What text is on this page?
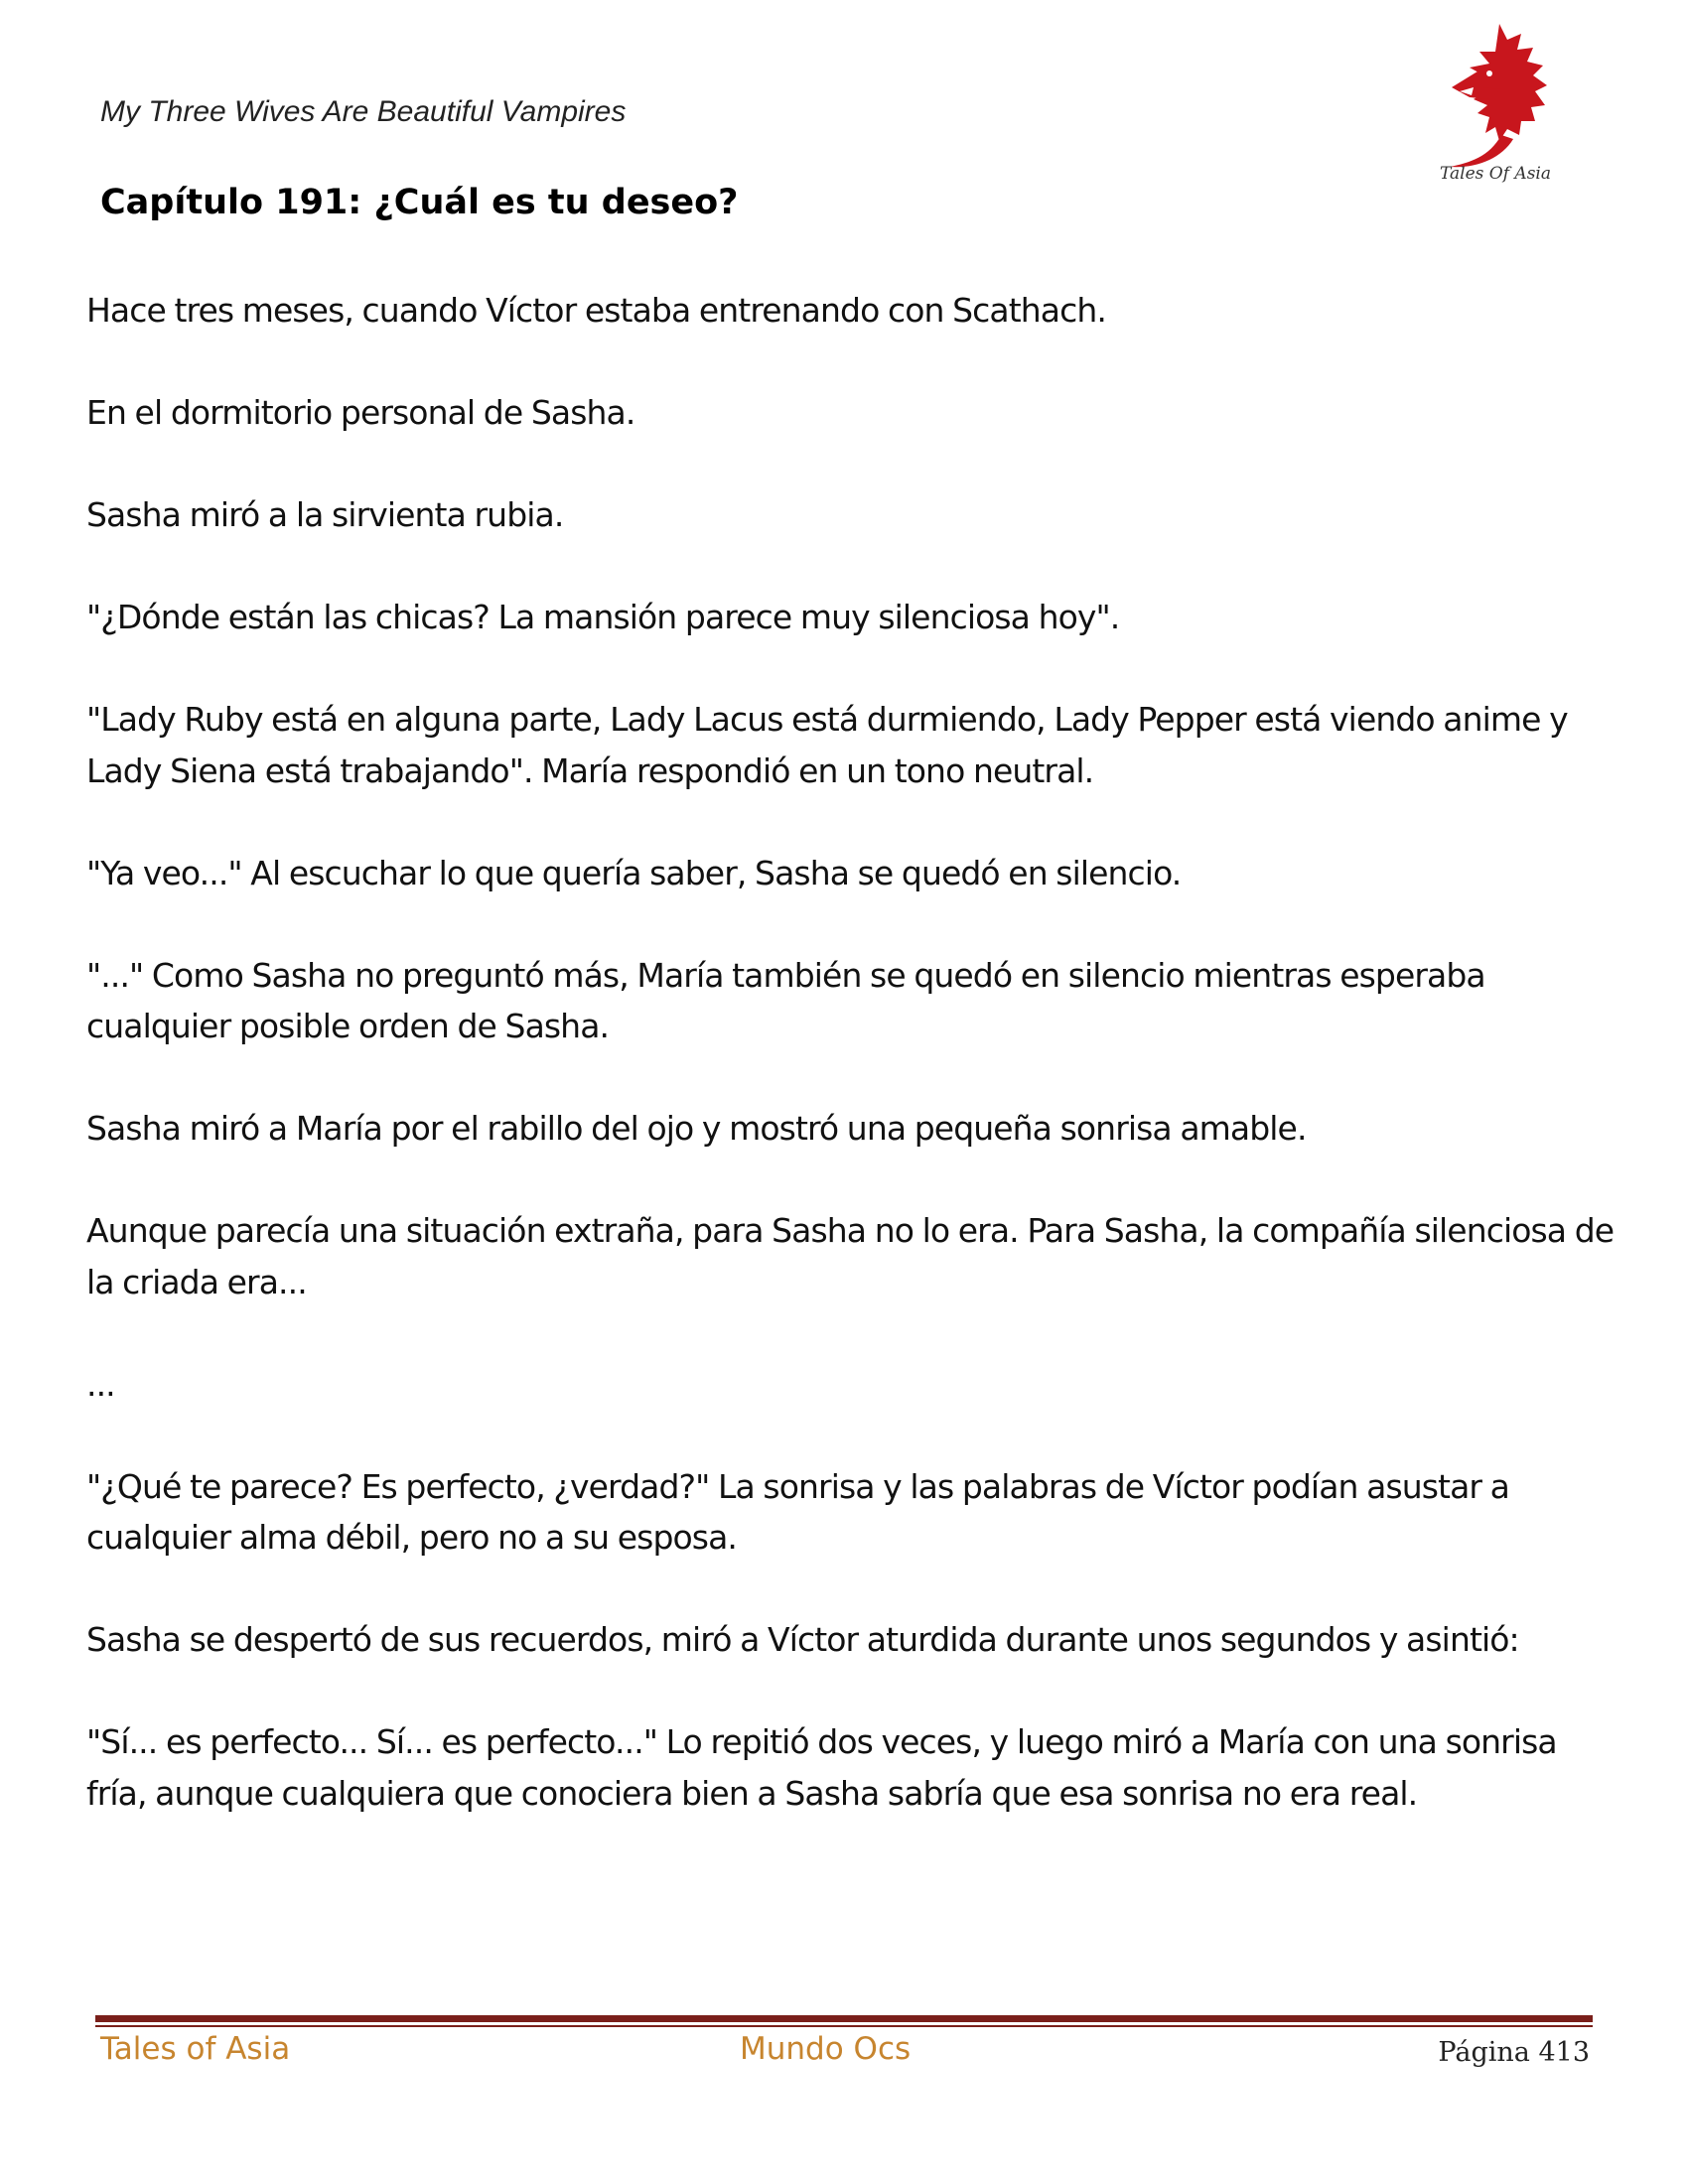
My Three Wives Are Beautiful Vampires
Tales Of Asia
Capítulo 191: ¿Cuál es tu deseo?

Hace tres meses, cuando Víctor estaba entrenando con Scathach.

En el dormitorio personal de Sasha.

Sasha miró a la sirvienta rubia.

"¿Dónde están las chicas? La mansión parece muy silenciosa hoy".

"Lady Ruby está en alguna parte, Lady Lacus está durmiendo, Lady Pepper está viendo anime y Lady Siena está trabajando". María respondió en un tono neutral.

"Ya veo..." Al escuchar lo que quería saber, Sasha se quedó en silencio.

"..." Como Sasha no preguntó más, María también se quedó en silencio mientras esperaba cualquier posible orden de Sasha.

Sasha miró a María por el rabillo del ojo y mostró una pequeña sonrisa amable.

Aunque parecía una situación extraña, para Sasha no lo era. Para Sasha, la compañía silenciosa de la criada era...

...

"¿Qué te parece? Es perfecto, ¿verdad?" La sonrisa y las palabras de Víctor podían asustar a cualquier alma débil, pero no a su esposa.

Sasha se despertó de sus recuerdos, miró a Víctor aturdida durante unos segundos y asintió:

"Sí... es perfecto... Sí... es perfecto..." Lo repitió dos veces, y luego miró a María con una sonrisa fría, aunque cualquiera que conociera bien a Sasha sabría que esa sonrisa no era real.

Tales of Asia	Mundo Ocs	Página 413
